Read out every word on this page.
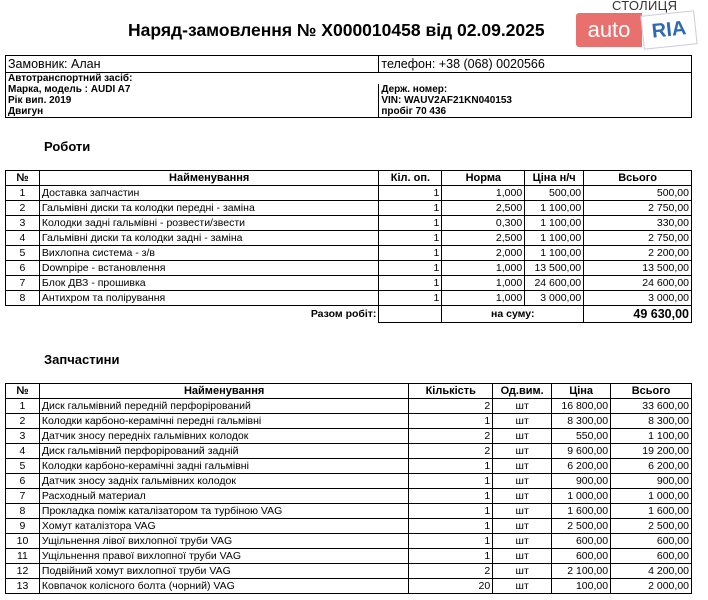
Наряд-замовлення № Х000010458 від 02.09.2025
СТОЛИЦЯ
auto	RIA
Замовник: Алан	телефон: +38 (068) 0020566
Автотранспортний засіб:	
Марка, модель : AUDI A7	Держ. номер:
Рік вип. 2019	VIN: WAUV2AF21KN040153
Двигун	пробіг 70 436
Роботи
№	Найменування	Кіл. оп.	Норма	Ціна н/ч	Всього
1	Доставка запчастин	1	1,000	500,00	500,00
2	Гальмівні диски та колодки передні - заміна	1	2,500	1 100,00	2 750,00
3	Колодки задні гальмівні - розвести/звести	1	0,300	1 100,00	330,00
4	Гальмівні диски та колодки задні - заміна	1	2,500	1 100,00	2 750,00
5	Вихлопна система - з/в	1	2,000	1 100,00	2 200,00
6	Downpipe - встановлення	1	1,000	13 500,00	13 500,00
7	Блок ДВЗ - прошивка	1	1,000	24 600,00	24 600,00
8	Антихром та полірування	1	1,000	3 000,00	3 000,00

Разом робіт:			на суму:		49 630,00
Запчастини
№	Найменування	Кількість	Од.вим.	Ціна	Всього
1	Диск гальмівний передній перфорірований	2	шт	16 800,00	33 600,00
2	Колодки карбоно-керамічні передні гальмівні	1	шт	8 300,00	8 300,00
3	Датчик зносу передніх гальмівних колодок	2	шт	550,00	1 100,00
4	Диск гальмівний перфорірований задній	2	шт	9 600,00	19 200,00
5	Колодки карбоно-керамічні задні гальмівні	1	шт	6 200,00	6 200,00
6	Датчик зносу задніх гальмівних колодок	1	шт	900,00	900,00
7	Расходный материал	1	шт	1 000,00	1 000,00
8	Прокладка поміж каталізатором та турбіною VAG	1	шт	1 600,00	1 600,00
9	Хомут каталізтора VAG	1	шт	2 500,00	2 500,00
10	Ущільнення лівої вихлопної труби VAG	1	шт	600,00	600,00
11	Ущільнення правої вихлопної труби VAG	1	шт	600,00	600,00
12	Подвійний хомут вихлопної труби VAG	2	шт	2 100,00	4 200,00
13	Ковпачок колісного болта (чорний) VAG	20	шт	100,00	2 000,00
